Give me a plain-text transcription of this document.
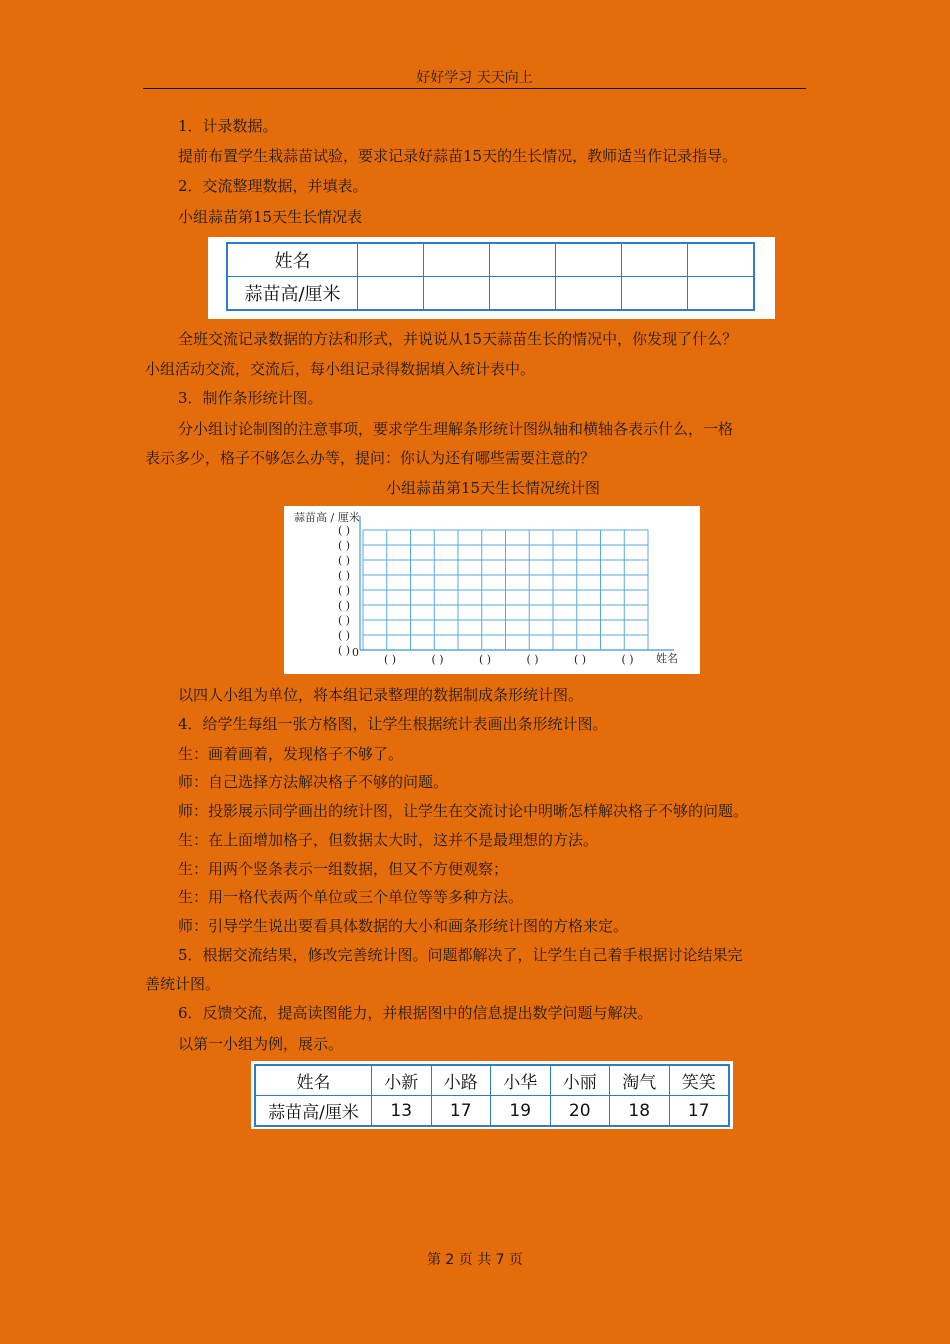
好好学习 天天向上
1．计录数据。
提前布置学生栽蒜苗试验，要求记录好蒜苗15天的生长情况，教师适当作记录指导。
2．交流整理数据，并填表。
小组蒜苗第15天生长情况表
姓名						
蒜苗高/厘米						
全班交流记录数据的方法和形式，并说说从15天蒜苗生长的情况中，你发现了什么？
小组活动交流，交流后，每小组记录得数据填入统计表中。
3．制作条形统计图。
分小组讨论制图的注意事项，要求学生理解条形统计图纵轴和横轴各表示什么，一格
表示多少，格子不够怎么办等，提问：你认为还有哪些需要注意的？
小组蒜苗第15天生长情况统计图
蒜苗高 / 厘米
姓名
0
( )
( )
( )
( )
( )
( )
( )
( )
( )
( )	( )	( )	( )	( )	( )
以四人小组为单位，将本组记录整理的数据制成条形统计图。
4．给学生每组一张方格图，让学生根据统计表画出条形统计图。
生：画着画着，发现格子不够了。
师：自己选择方法解决格子不够的问题。
师：投影展示同学画出的统计图，让学生在交流讨论中明晰怎样解决格子不够的问题。
生：在上面增加格子，但数据太大时，这并不是最理想的方法。
生：用两个竖条表示一组数据，但又不方便观察；
生：用一格代表两个单位或三个单位等等多种方法。
师：引导学生说出要看具体数据的大小和画条形统计图的方格来定。
5．根据交流结果，修改完善统计图。问题都解决了，让学生自己着手根据讨论结果完
善统计图。
6．反馈交流，提高读图能力，并根据图中的信息提出数学问题与解决。
以第一小组为例，展示。
姓名	小新	小路	小华	小丽	淘气	笑笑
蒜苗高/厘米	13	17	19	20	18	17
第 2 页 共 7 页
